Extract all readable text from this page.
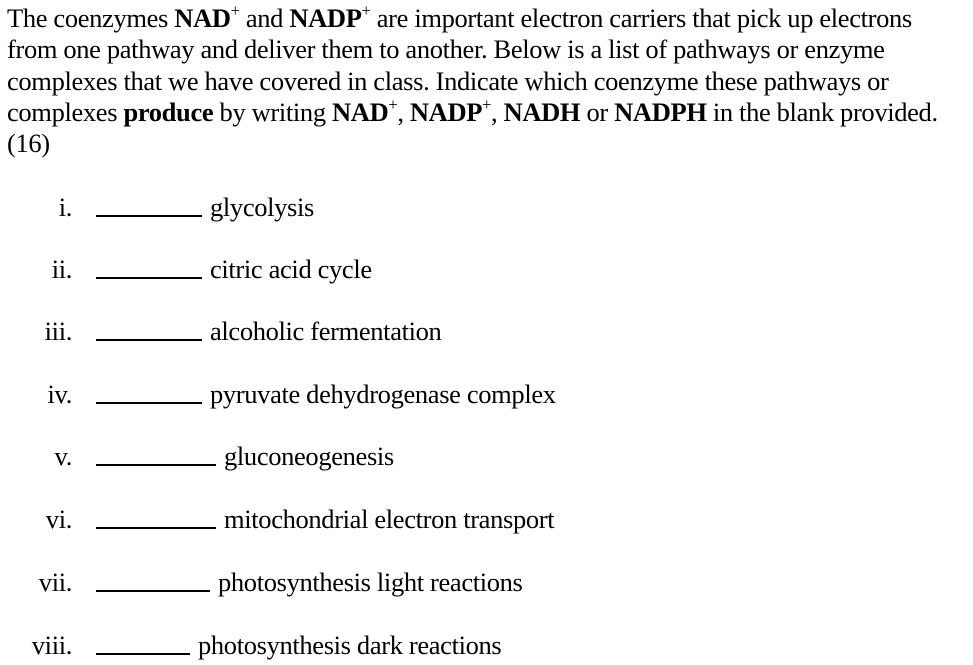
The coenzymes NAD+ and NADP+ are important electron carriers that pick up electrons from one pathway and deliver them to another. Below is a list of pathways or enzyme complexes that we have covered in class. Indicate which coenzyme these pathways or complexes produce by writing NAD+, NADP+, NADH or NADPH in the blank provided. (16)
i.	glycolysis
ii.	citric acid cycle
iii.	alcoholic fermentation
iv.	pyruvate dehydrogenase complex
v.	gluconeogenesis
vi.	mitochondrial electron transport
vii.	photosynthesis light reactions
viii.	photosynthesis dark reactions
